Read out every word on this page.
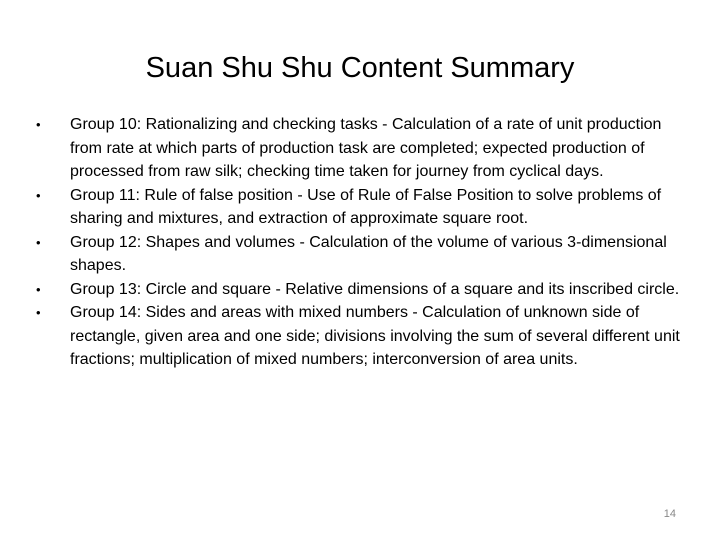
Suan Shu Shu Content Summary
•	Group 10: Rationalizing and checking tasks - Calculation of a rate of unit production from rate at which parts of production task are completed; expected production of processed from raw silk; checking time taken for journey from cyclical days.
•	Group 11: Rule of false position - Use of Rule of False Position to solve problems of sharing and mixtures, and extraction of approximate square root.
•	Group 12: Shapes and volumes - Calculation of the volume of various 3-dimensional shapes.
•	Group 13: Circle and square - Relative dimensions of a square and its inscribed circle.
•	Group 14: Sides and areas with mixed numbers - Calculation of unknown side of rectangle, given area and one side; divisions involving the sum of several different unit fractions; multiplication of mixed numbers; interconversion of area units.
14
